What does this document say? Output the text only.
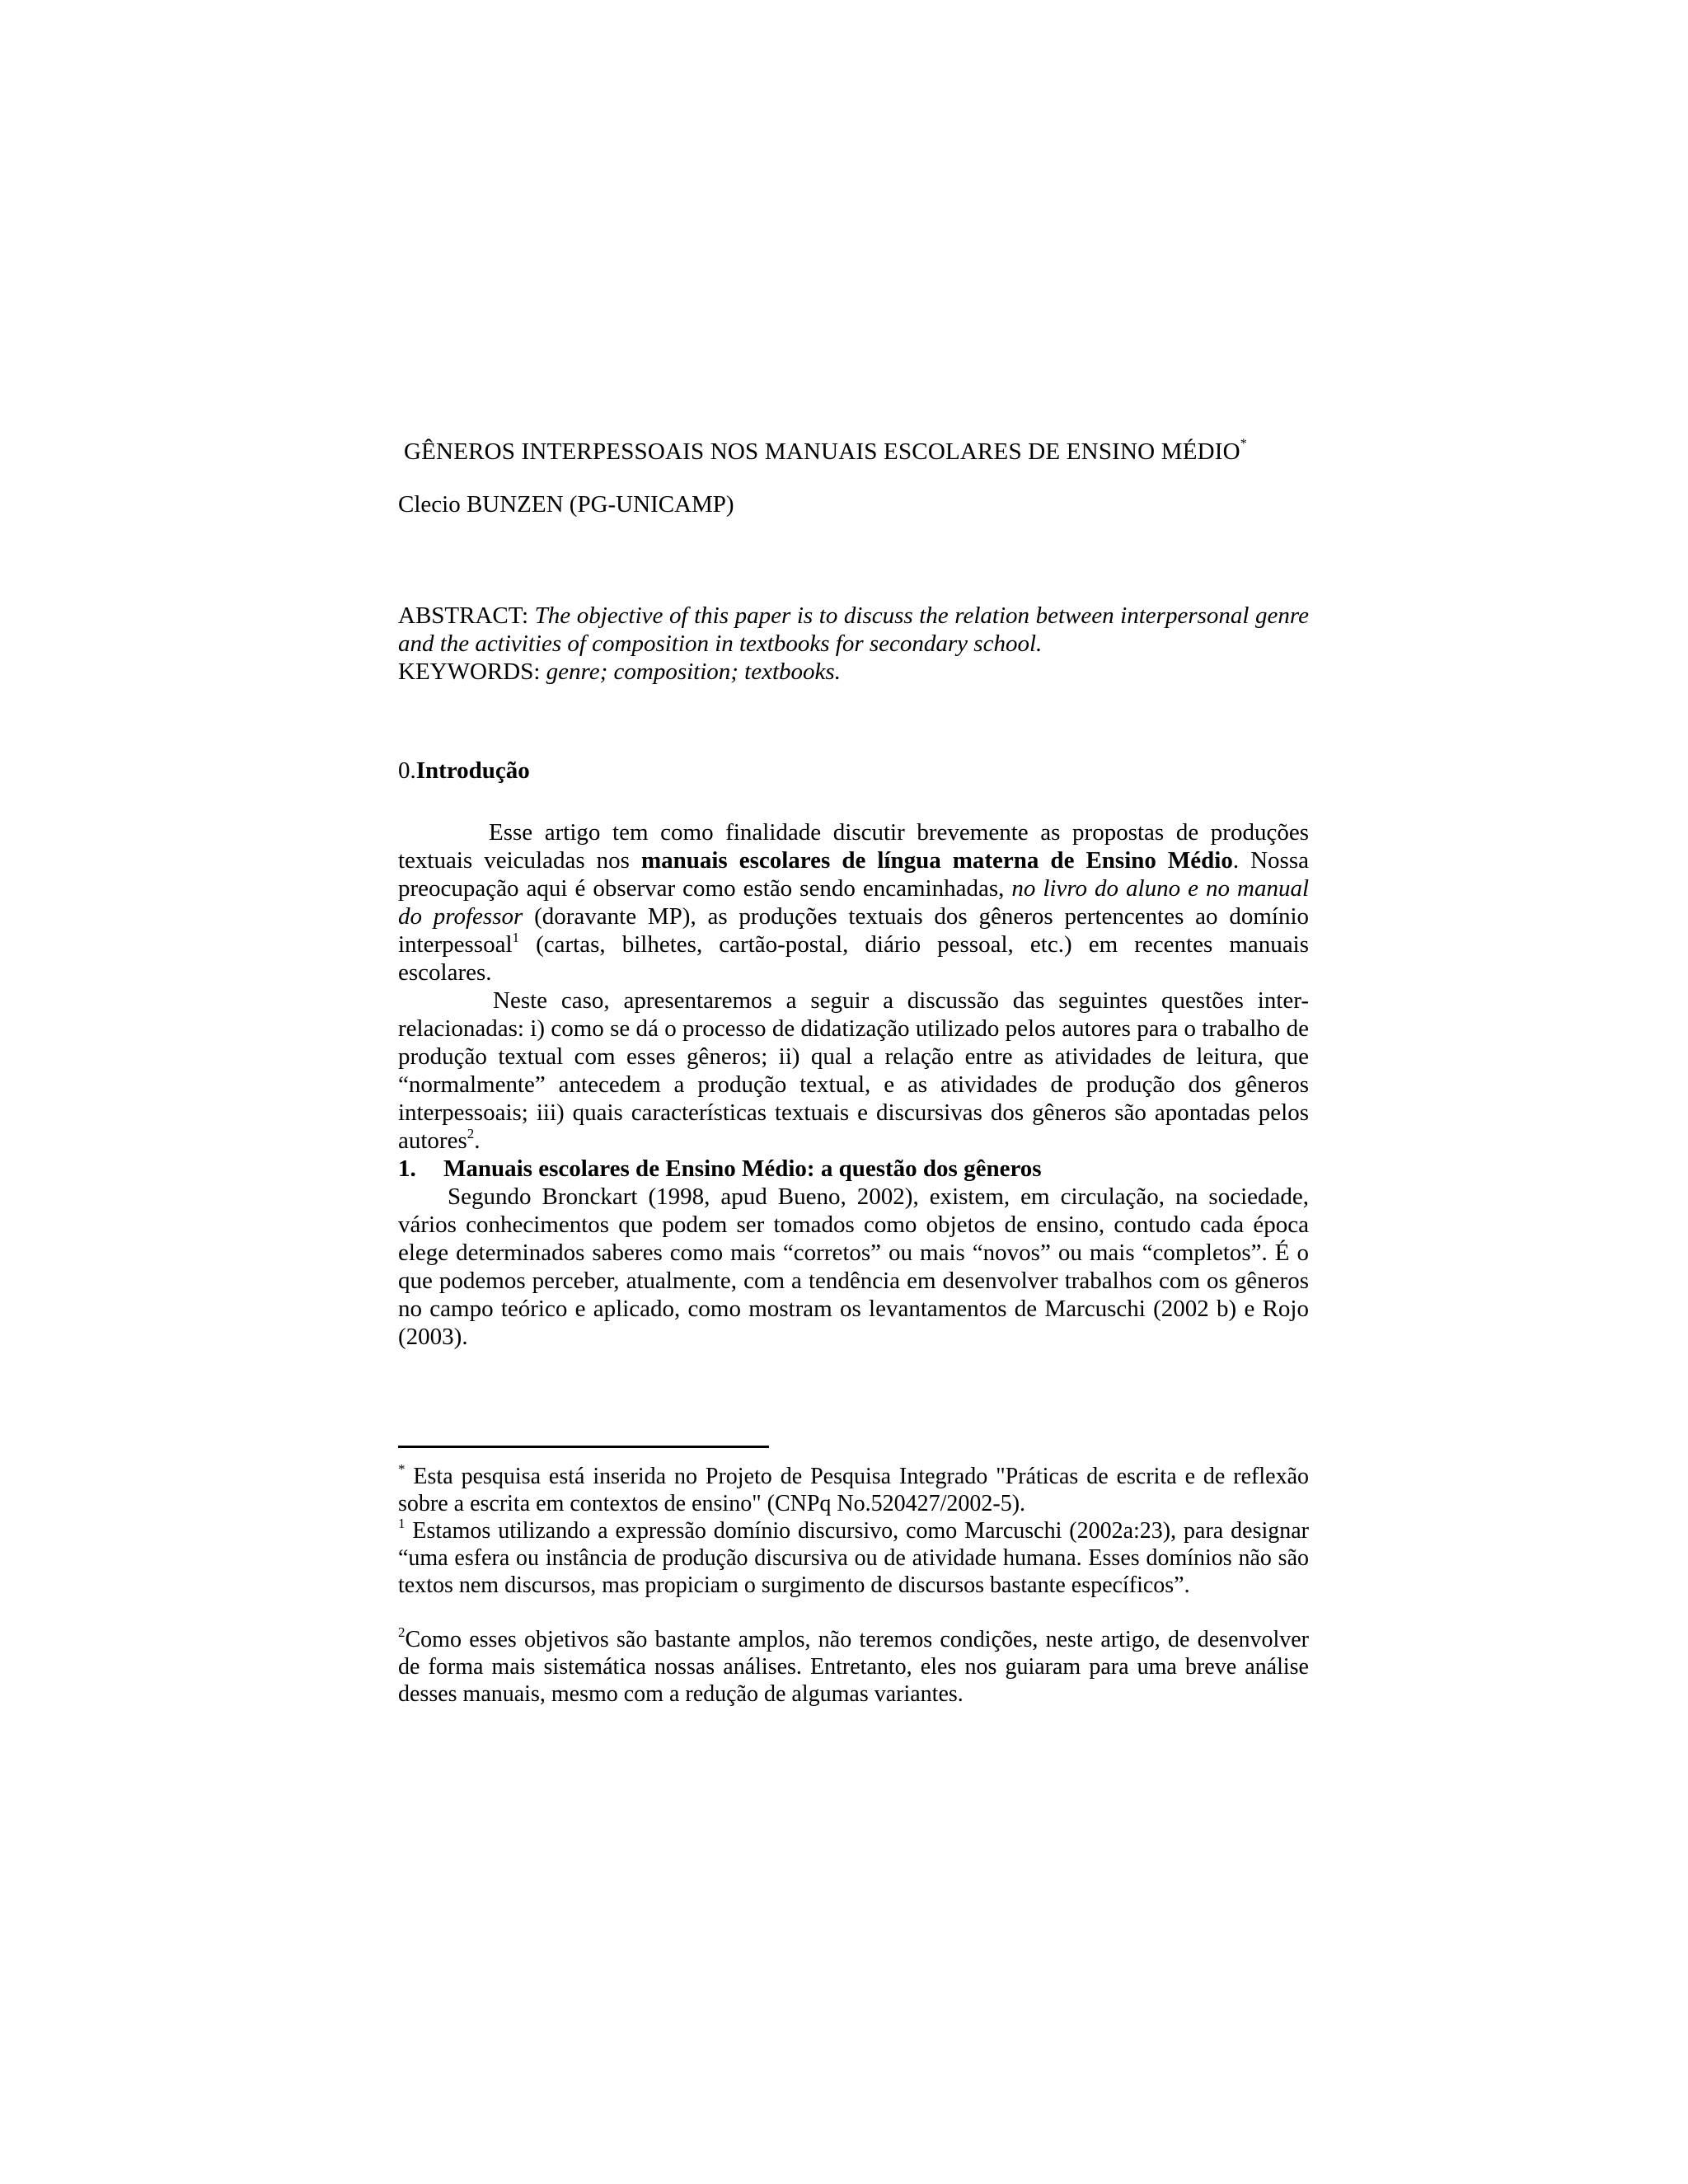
GÊNEROS INTERPESSOAIS NOS MANUAIS ESCOLARES DE ENSINO MÉDIO*
Clecio BUNZEN (PG-UNICAMP)
ABSTRACT: The objective of this paper is to discuss the relation between interpersonal genre and the activities of composition in textbooks for secondary school.
KEYWORDS: genre; composition; textbooks.
0.Introdução

Esse artigo tem como finalidade discutir brevemente as propostas de produções textuais veiculadas nos manuais escolares de língua materna de Ensino Médio. Nossa preocupação aqui é observar como estão sendo encaminhadas, no livro do aluno e no manual do professor (doravante MP), as produções textuais dos gêneros pertencentes ao domínio interpessoal$^1$ (cartas, bilhetes, cartão-postal, diário pessoal, etc.) em recentes manuais escolares.

Neste caso, apresentaremos a seguir a discussão das seguintes questões inter-relacionadas: i) como se dá o processo de didatização utilizado pelos autores para o trabalho de produção textual com esses gêneros; ii) qual a relação entre as atividades de leitura, que “normalmente” antecedem a produção textual, e as atividades de produção dos gêneros interpessoais; iii) quais características textuais e discursivas dos gêneros são apontadas pelos autores$^2$.

1. Manuais escolares de Ensino Médio: a questão dos gêneros

Segundo Bronckart (1998, apud Bueno, 2002), existem, em circulação, na sociedade, vários conhecimentos que podem ser tomados como objetos de ensino, contudo cada época elege determinados saberes como mais “corretos” ou mais “novos” ou mais “completos”. É o que podemos perceber, atualmente, com a tendência em desenvolver trabalhos com os gêneros no campo teórico e aplicado, como mostram os levantamentos de Marcuschi (2002 b) e Rojo (2003).

* Esta pesquisa está inserida no Projeto de Pesquisa Integrado "Práticas de escrita e de reflexão sobre a escrita em contextos de ensino" (CNPq No.520427/2002-5).

$^1$ Estamos utilizando a expressão domínio discursivo, como Marcuschi (2002a:23), para designar “uma esfera ou instância de produção discursiva ou de atividade humana. Esses domínios não são textos nem discursos, mas propiciam o surgimento de discursos bastante específicos”.

$^2$Como esses objetivos são bastante amplos, não teremos condições, neste artigo, de desenvolver de forma mais sistemática nossas análises. Entretanto, eles nos guiaram para uma breve análise desses manuais, mesmo com a redução de algumas variantes.
